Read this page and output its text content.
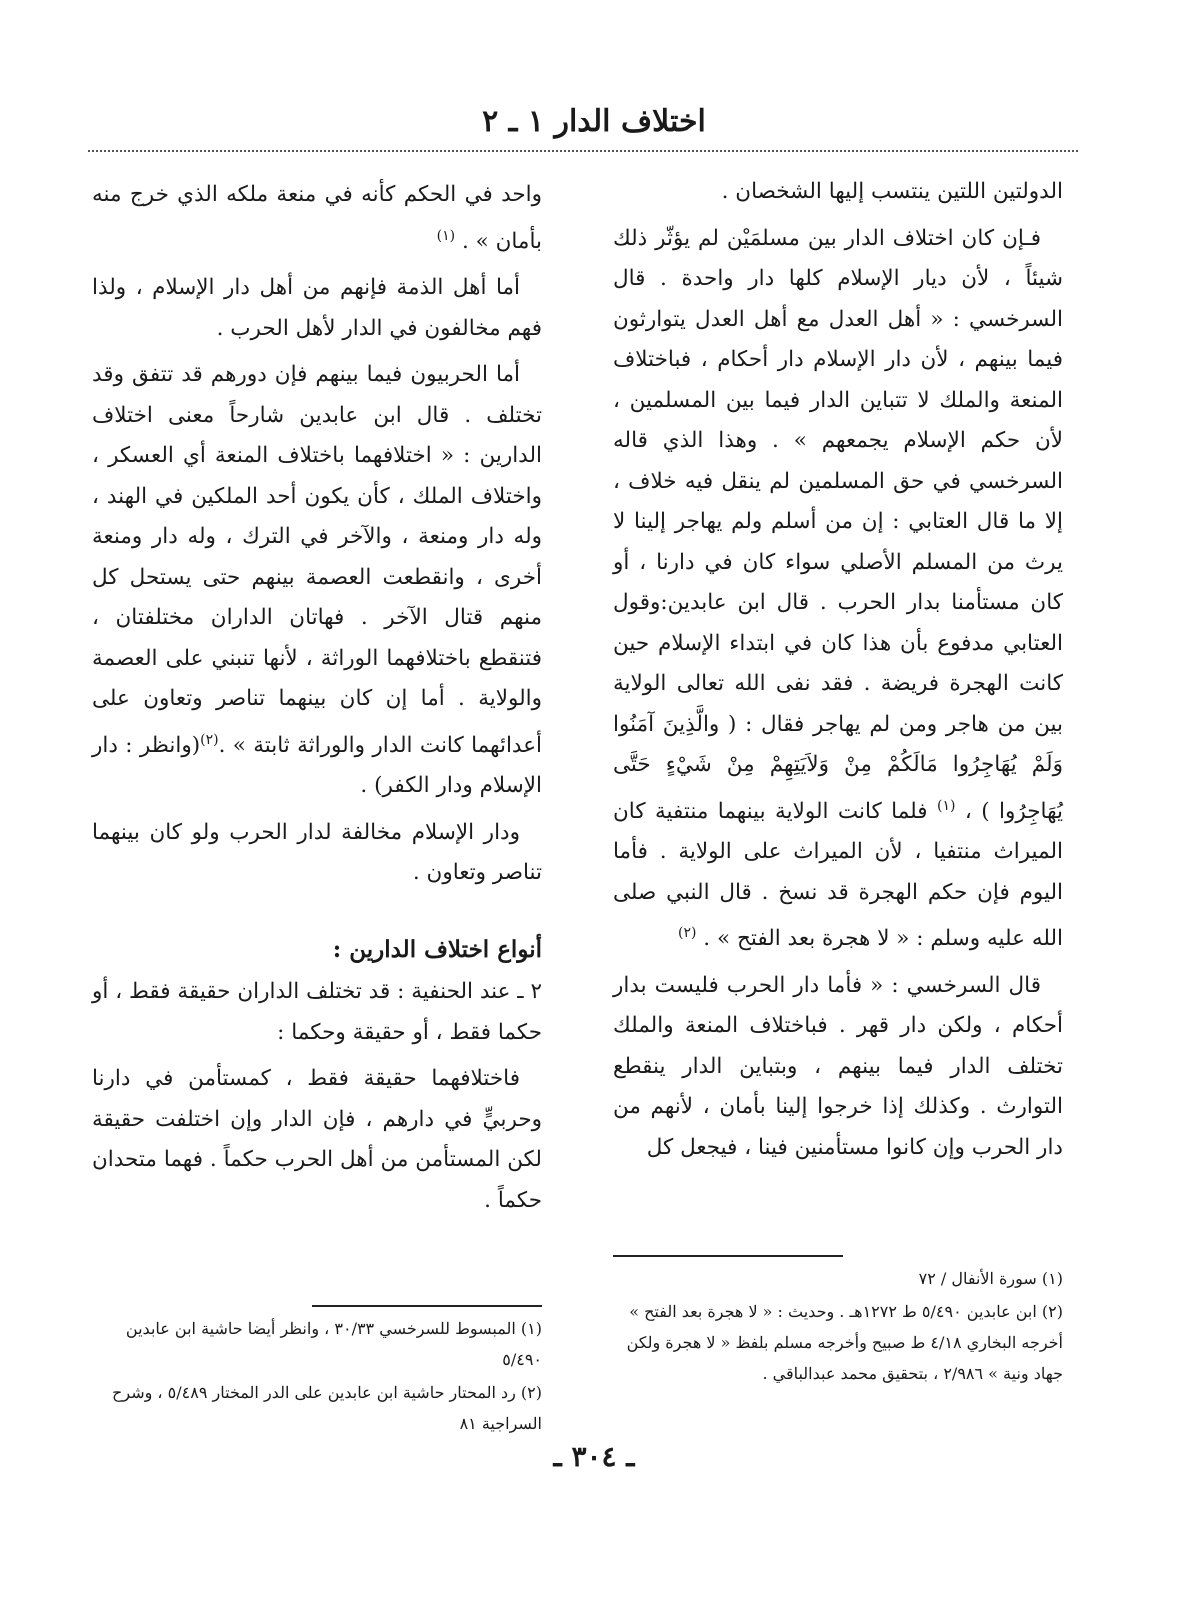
اختلاف الدار ١ ـ ٢

الدولتين اللتين ينتسب إليها الشخصان .

فـإن كان اختلاف الدار بين مسلمَيْن لم يؤثّر ذلك شيئاً ، لأن ديار الإسلام كلها دار واحدة . قال السرخسي : « أهل العدل مع أهل العدل يتوارثون فيما بينهم ، لأن دار الإسلام دار أحكام ، فباختلاف المنعة والملك لا تتباين الدار فيما بين المسلمين ، لأن حكم الإسلام يجمعهم » . وهذا الذي قاله السرخسي في حق المسلمين لم ينقل فيه خلاف ، إلا ما قال العتابي : إن من أسلم ولم يهاجر إلينا لا يرث من المسلم الأصلي سواء كان في دارنا ، أو كان مستأمنا بدار الحرب . قال ابن عابدين:وقول العتابي مدفوع بأن هذا كان في ابتداء الإسلام حين كانت الهجرة فريضة . فقد نفى الله تعالى الولاية بين من هاجر ومن لم يهاجر فقال : ( والَّذِينَ آمَنُوا وَلَمْ يُهَاجِرُوا مَالَكُمْ مِنْ وَلاَيَتِهِمْ مِنْ شَيْءٍ حَتَّى يُهَاجِرُوا ) ، $^{(١)}$ فلما كانت الولاية بينهما منتفية كان الميراث منتفيا ، لأن الميراث على الولاية . فأما اليوم فإن حكم الهجرة قد نسخ . قال النبي صلى الله عليه وسلم : « لا هجرة بعد الفتح » . $^{(٢)}$

قال السرخسي : « فأما دار الحرب فليست بدار أحكام ، ولكن دار قهر . فباختلاف المنعة والملك تختلف الدار فيما بينهم ، وبتباين الدار ينقطع التوارث . وكذلك إذا خرجوا إلينا بأمان ، لأنهم من دار الحرب وإن كانوا مستأمنين فينا ، فيجعل كل

واحد في الحكم كأنه في منعة ملكه الذي خرج منه بأمان » . $^{(١)}$

أما أهل الذمة فإنهم من أهل دار الإسلام ، ولذا فهم مخالفون في الدار لأهل الحرب .

أما الحربيون فيما بينهم فإن دورهم قد تتفق وقد تختلف . قال ابن عابدين شارحاً معنى اختلاف الدارين : « اختلافهما باختلاف المنعة أي العسكر ، واختلاف الملك ، كأن يكون أحد الملكين في الهند ، وله دار ومنعة ، والآخر في الترك ، وله دار ومنعة أخرى ، وانقطعت العصمة بينهم حتى يستحل كل منهم قتال الآخر . فهاتان الداران مختلفتان ، فتنقطع باختلافهما الوراثة ، لأنها تنبني على العصمة والولاية . أما إن كان بينهما تناصر وتعاون على أعدائهما كانت الدار والوراثة ثابتة » .$^{(٢)}$(وانظر : دار الإسلام ودار الكفر) .

ودار الإسلام مخالفة لدار الحرب ولو كان بينهما تناصر وتعاون .

أنواع اختلاف الدارين :

٢ ـ عند الحنفية : قد تختلف الداران حقيقة فقط ، أو حكما فقط ، أو حقيقة وحكما :

فاختلافهما حقيقة فقط ، كمستأمن في دارنا وحربيٍّ في دارهم ، فإن الدار وإن اختلفت حقيقة لكن المستأمن من أهل الحرب حكماً . فهما متحدان حكماً .

(١) سورة الأنفال / ٧٢

(٢) ابن عابدين ٥/٤٩٠ ط ١٢٧٢هـ . وحديث : « لا هجرة بعد الفتح » أخرجه البخاري ٤/١٨ ط صبيح وأخرجه مسلم بلفظ « لا هجرة ولكن جهاد ونية » ٢/٩٨٦ ، بتحقيق محمد عبدالباقي .

(١) المبسوط للسرخسي ٣٠/٣٣ ، وانظر أيضا حاشية ابن عابدين ٥/٤٩٠

(٢) رد المحتار حاشية ابن عابدين على الدر المختار ٥/٤٨٩ ، وشرح السراجية ٨١

ـ ٣٠٤ ـ
